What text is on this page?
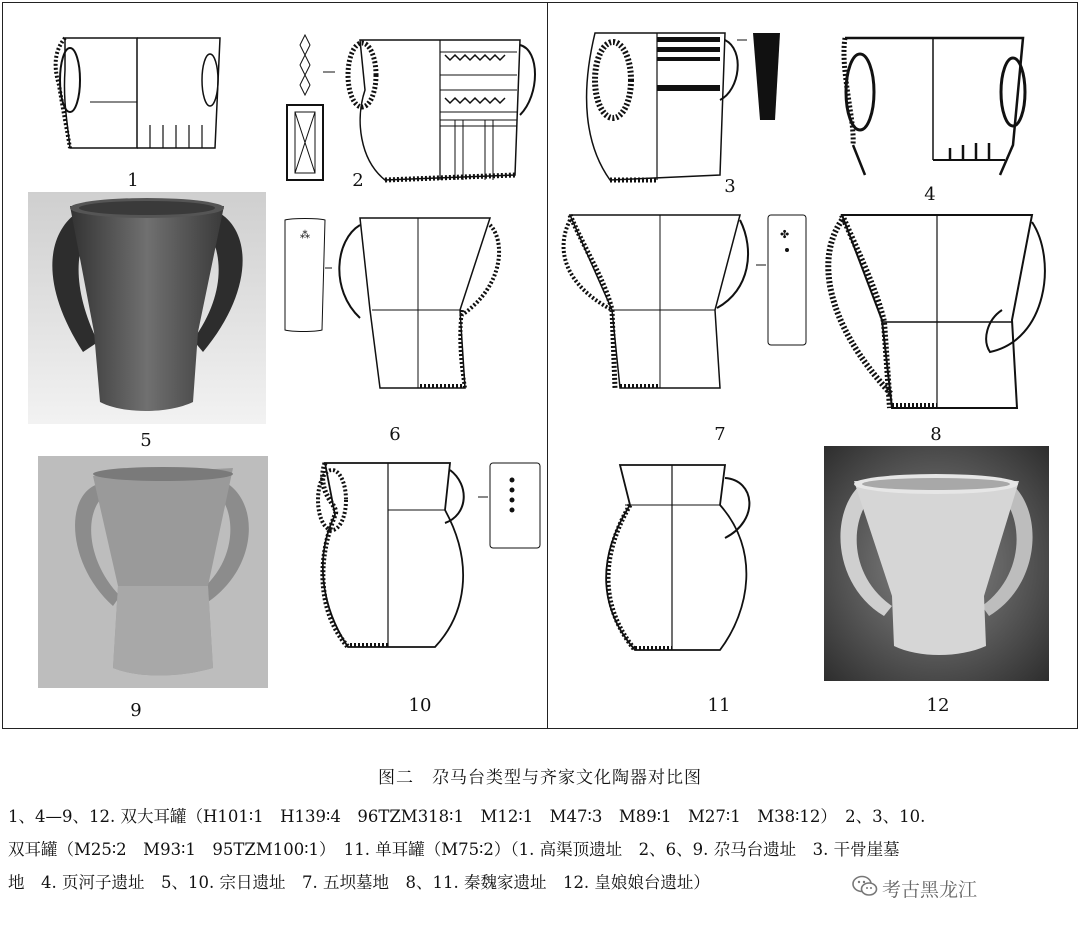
1	2	3	4
5
⁂
6
✤
7	8
9	10	11	12
图二　尕马台类型与齐家文化陶器对比图
1、4—9、12. 双大耳罐（H101∶1　H139∶4　96TZM318∶1　M12∶1　M47∶3　M89∶1　M27∶1　M38∶12）　2、3、10.
双耳罐（M25∶2　M93∶1　95TZM100∶1）　11. 单耳罐（M75∶2）（1. 高渠顶遗址　2、6、9. 尕马台遗址　3. 干骨崖墓
地　4. 页河子遗址　5、10. 宗日遗址　7. 五坝墓地　8、11. 秦魏家遗址　12. 皇娘娘台遗址）	考古黑龙江
